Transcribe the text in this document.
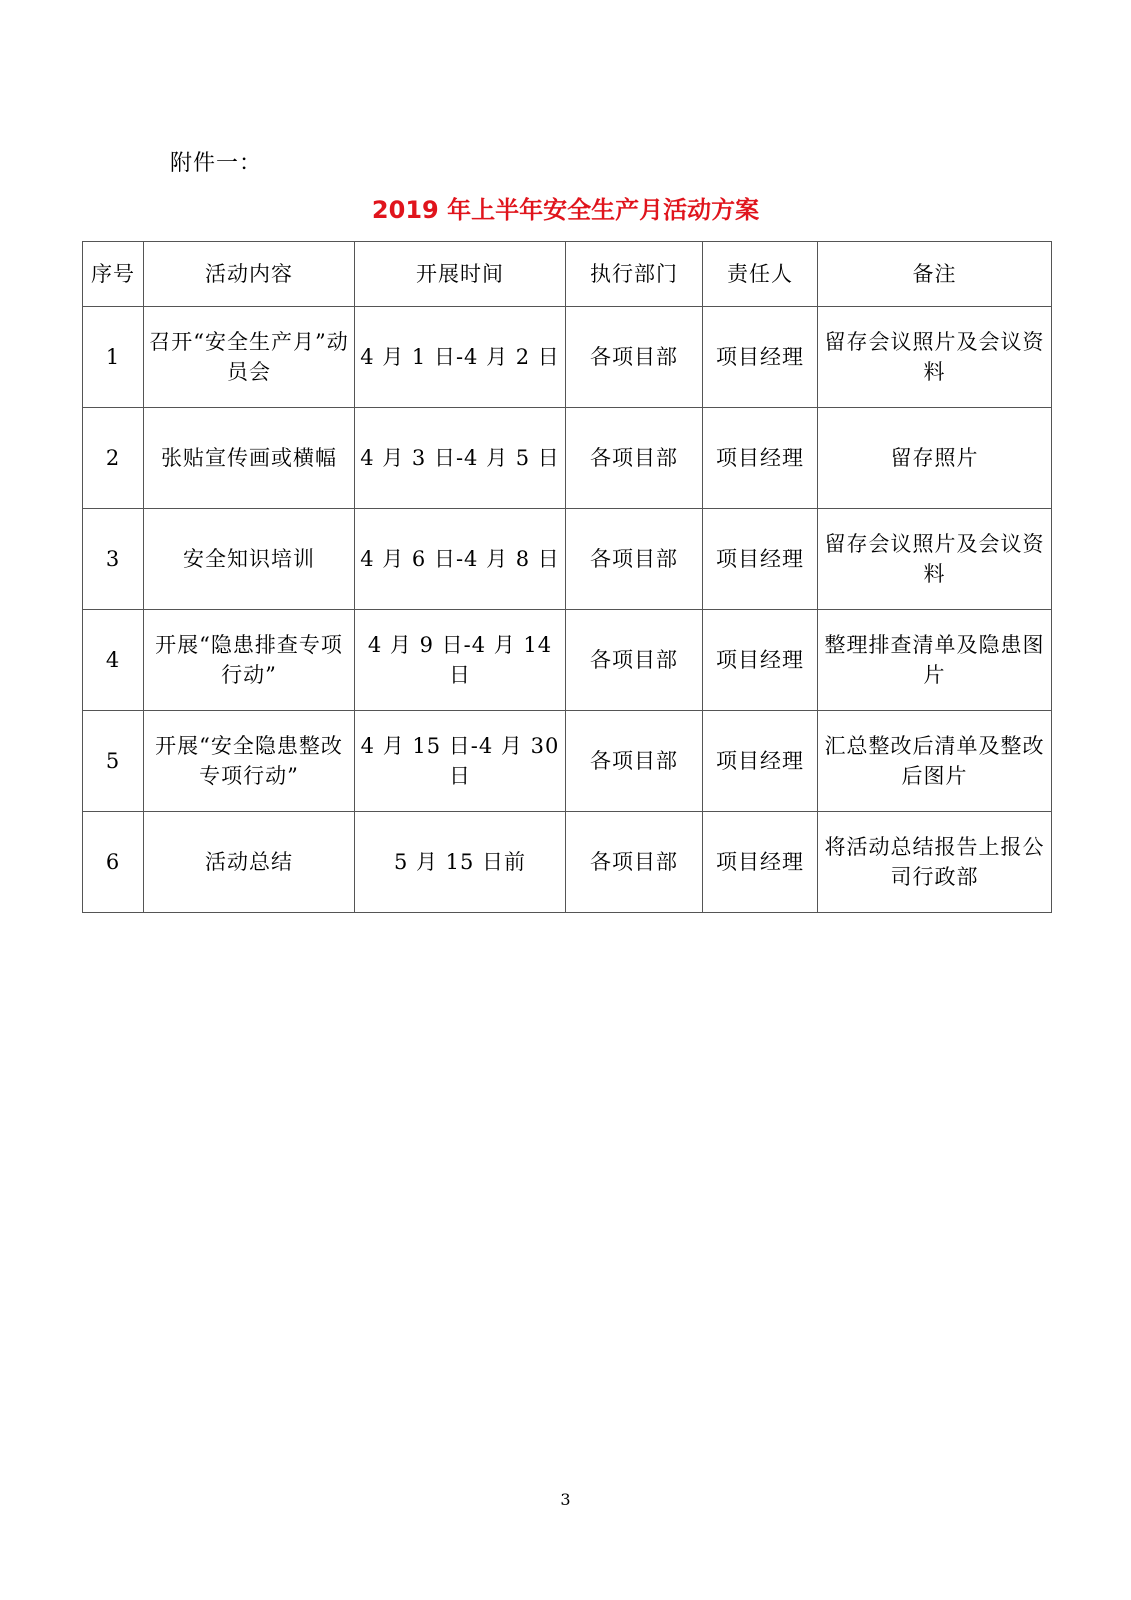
附件一：
2019 年上半年安全生产月活动方案
序号	活动内容	开展时间	执行部门	责任人	备注
1	召开“安全生产月”动员会	4 月 1 日-4 月 2 日	各项目部	项目经理	留存会议照片及会议资料
2	张贴宣传画或横幅	4 月 3 日-4 月 5 日	各项目部	项目经理	留存照片
3	安全知识培训	4 月 6 日-4 月 8 日	各项目部	项目经理	留存会议照片及会议资料
4	开展“隐患排查专项行动”	4 月 9 日-4 月 14 日	各项目部	项目经理	整理排查清单及隐患图片
5	开展“安全隐患整改专项行动”	4 月 15 日-4 月 30 日	各项目部	项目经理	汇总整改后清单及整改后图片
6	活动总结	5 月 15 日前	各项目部	项目经理	将活动总结报告上报公司行政部
3
